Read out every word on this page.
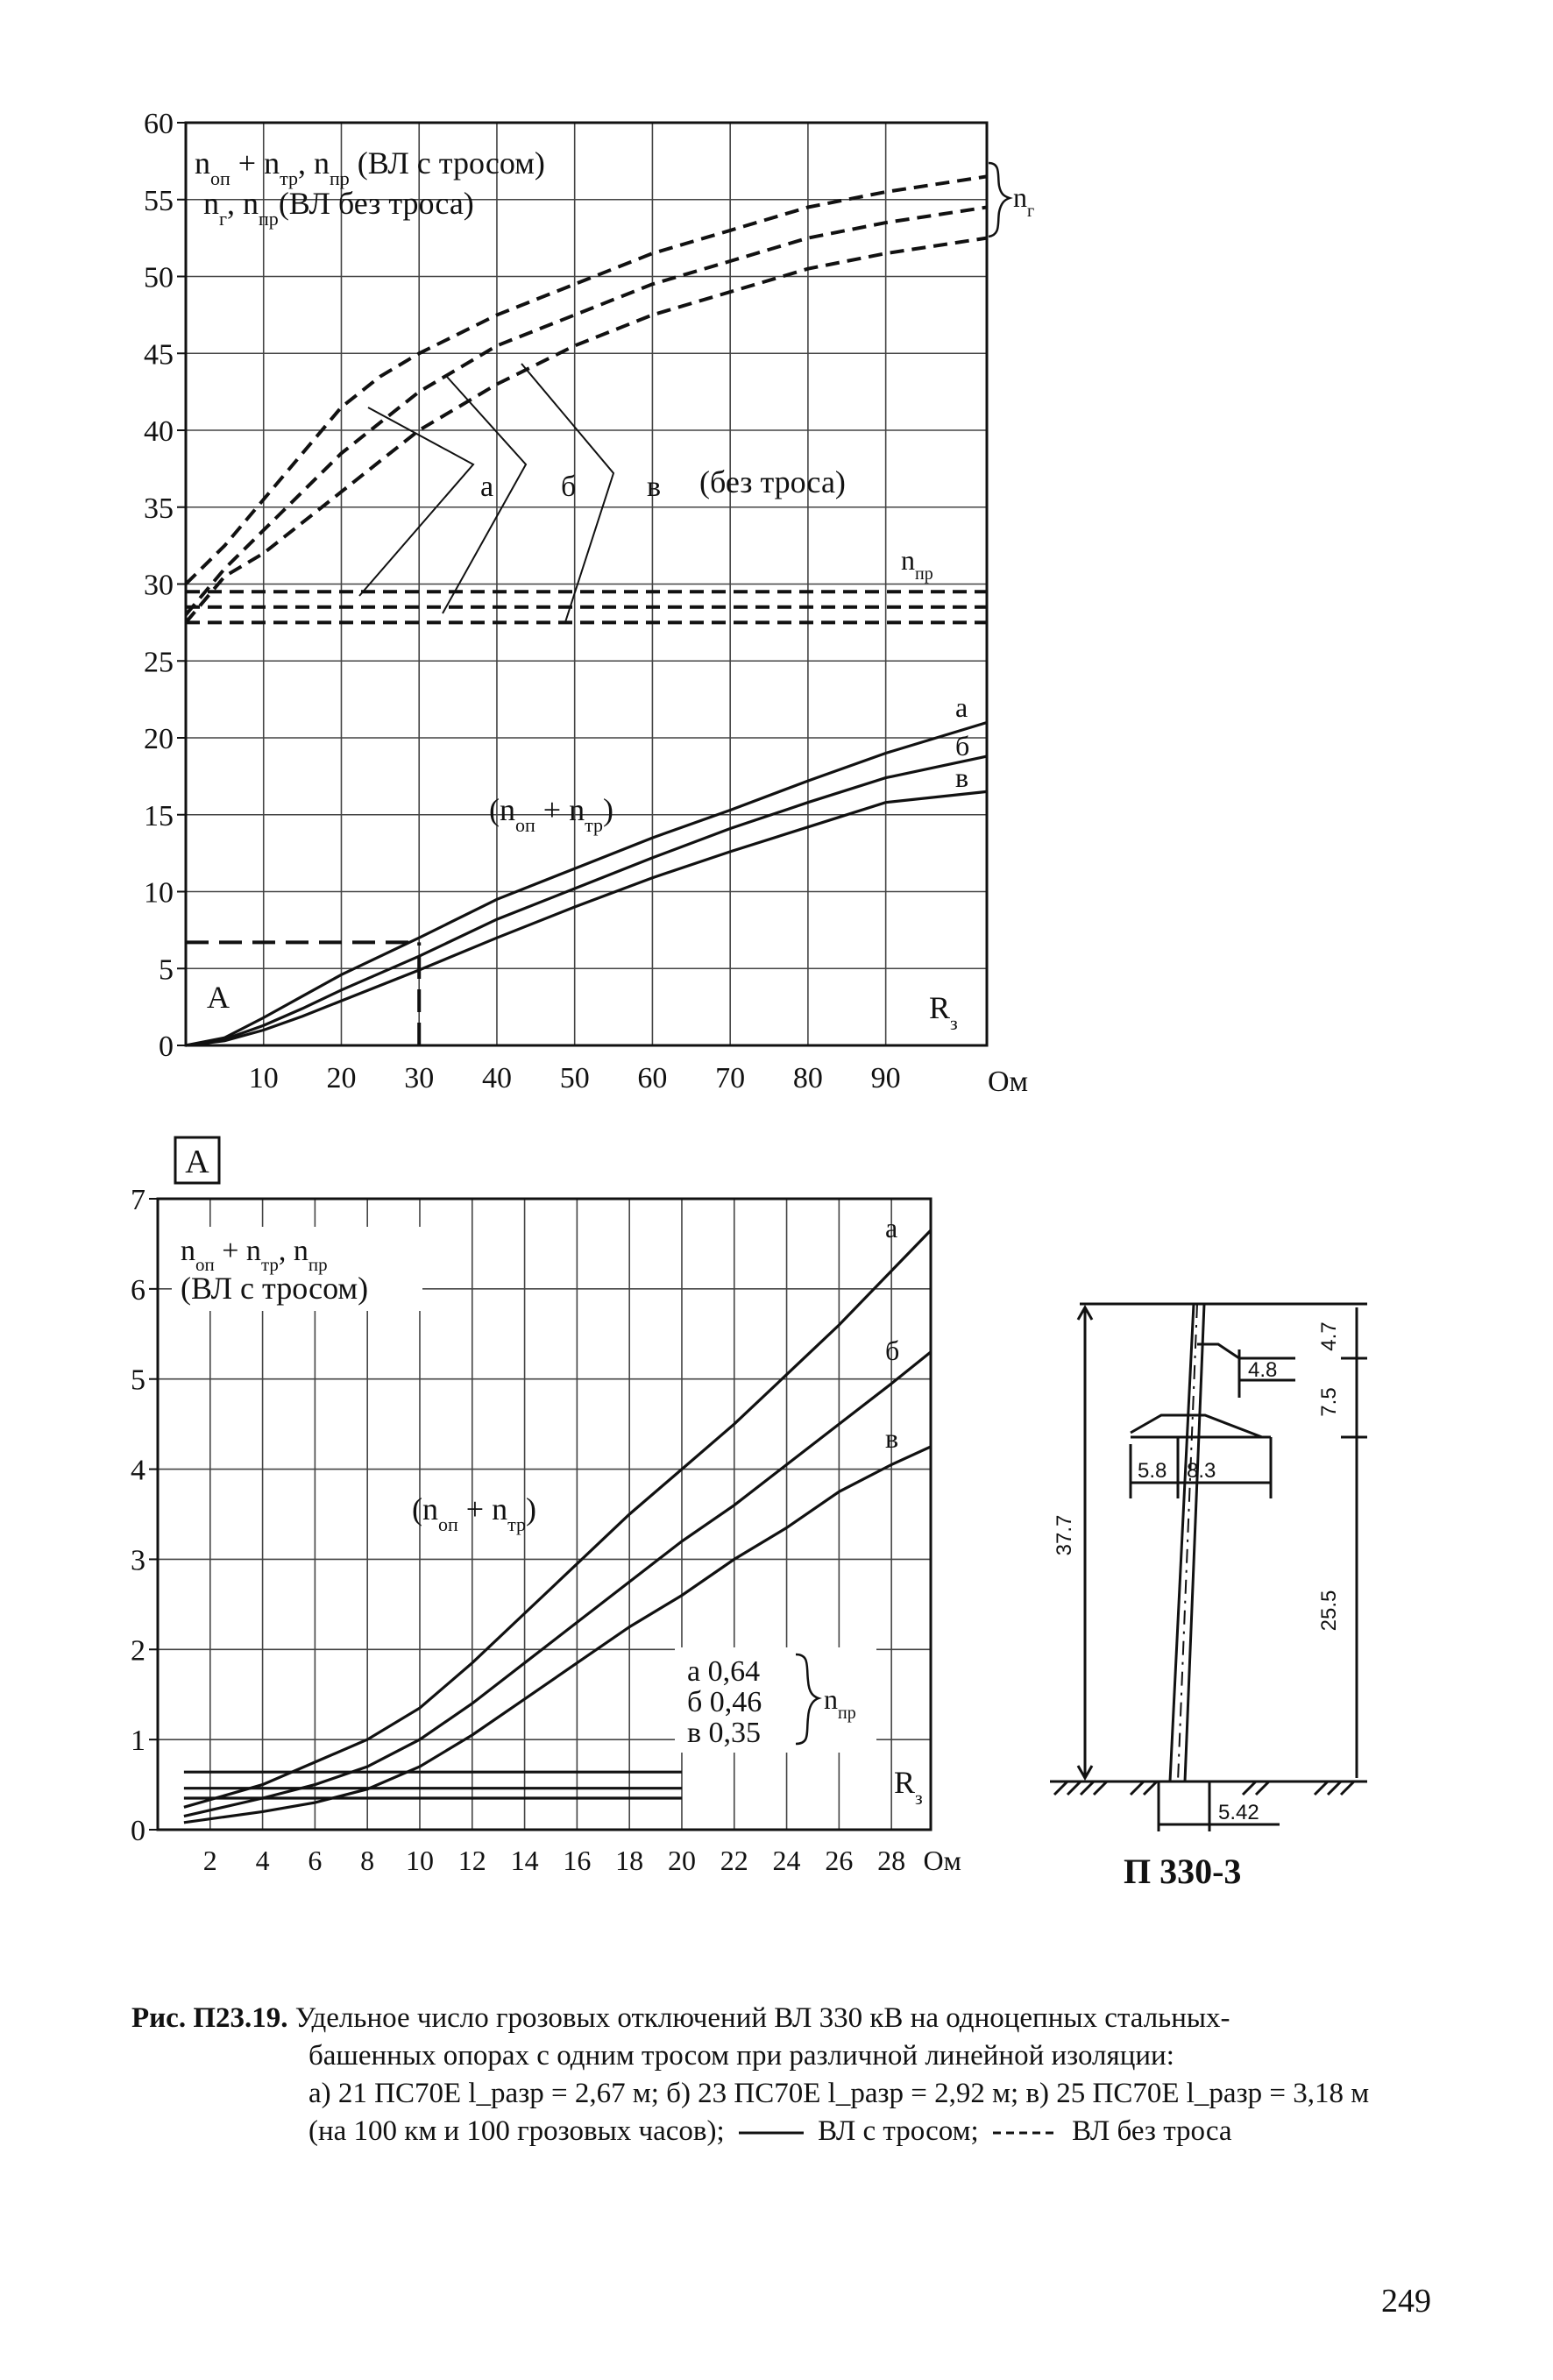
0
5
10
15
20
25
30
35
40
45
50
55
60
10 20 30 40 50 60 70 80 90	Ом
$n_{оп} + n_{тр}$, $n_{пр}$ (ВЛ с тросом)
$n_г$, $n_{пр}(ВЛ$ без троса)	$n_г$
а б в (без троса)
$n_{пр}$
$(n_{оп} + n_{тр})$
а
б
в
А	$R_з$
А
0
1
2
3
4
5
6
7
2 4 6 8 10 12 14 16 18 20 22 24 26 28 Ом
$n_{оп} + n_{тр}$, $n_{пр}$
(ВЛ с тросом)
а
б
в
$(n_{оп} + n_{тр})$
а 0,64
б 0,46
в 0,35
$n_{пр}$
$R_з$
4.7
4.8
7.5
5.8 8.3
37.7
25.5
5.42
П 330-3
Рис. П23.19. Удельное число грозовых отключений ВЛ 330 кВ на одноцепных стальных-
башенных опорах с одним тросом при различной линейной изоляции:
а) 21 ПС70Е l_разр = 2,67 м; б) 23 ПС70Е l_разр = 2,92 м; в) 25 ПС70Е l_разр = 3,18 м
(на 100 км и 100 грозовых часов);	ВЛ с тросом;	ВЛ без троса
249
